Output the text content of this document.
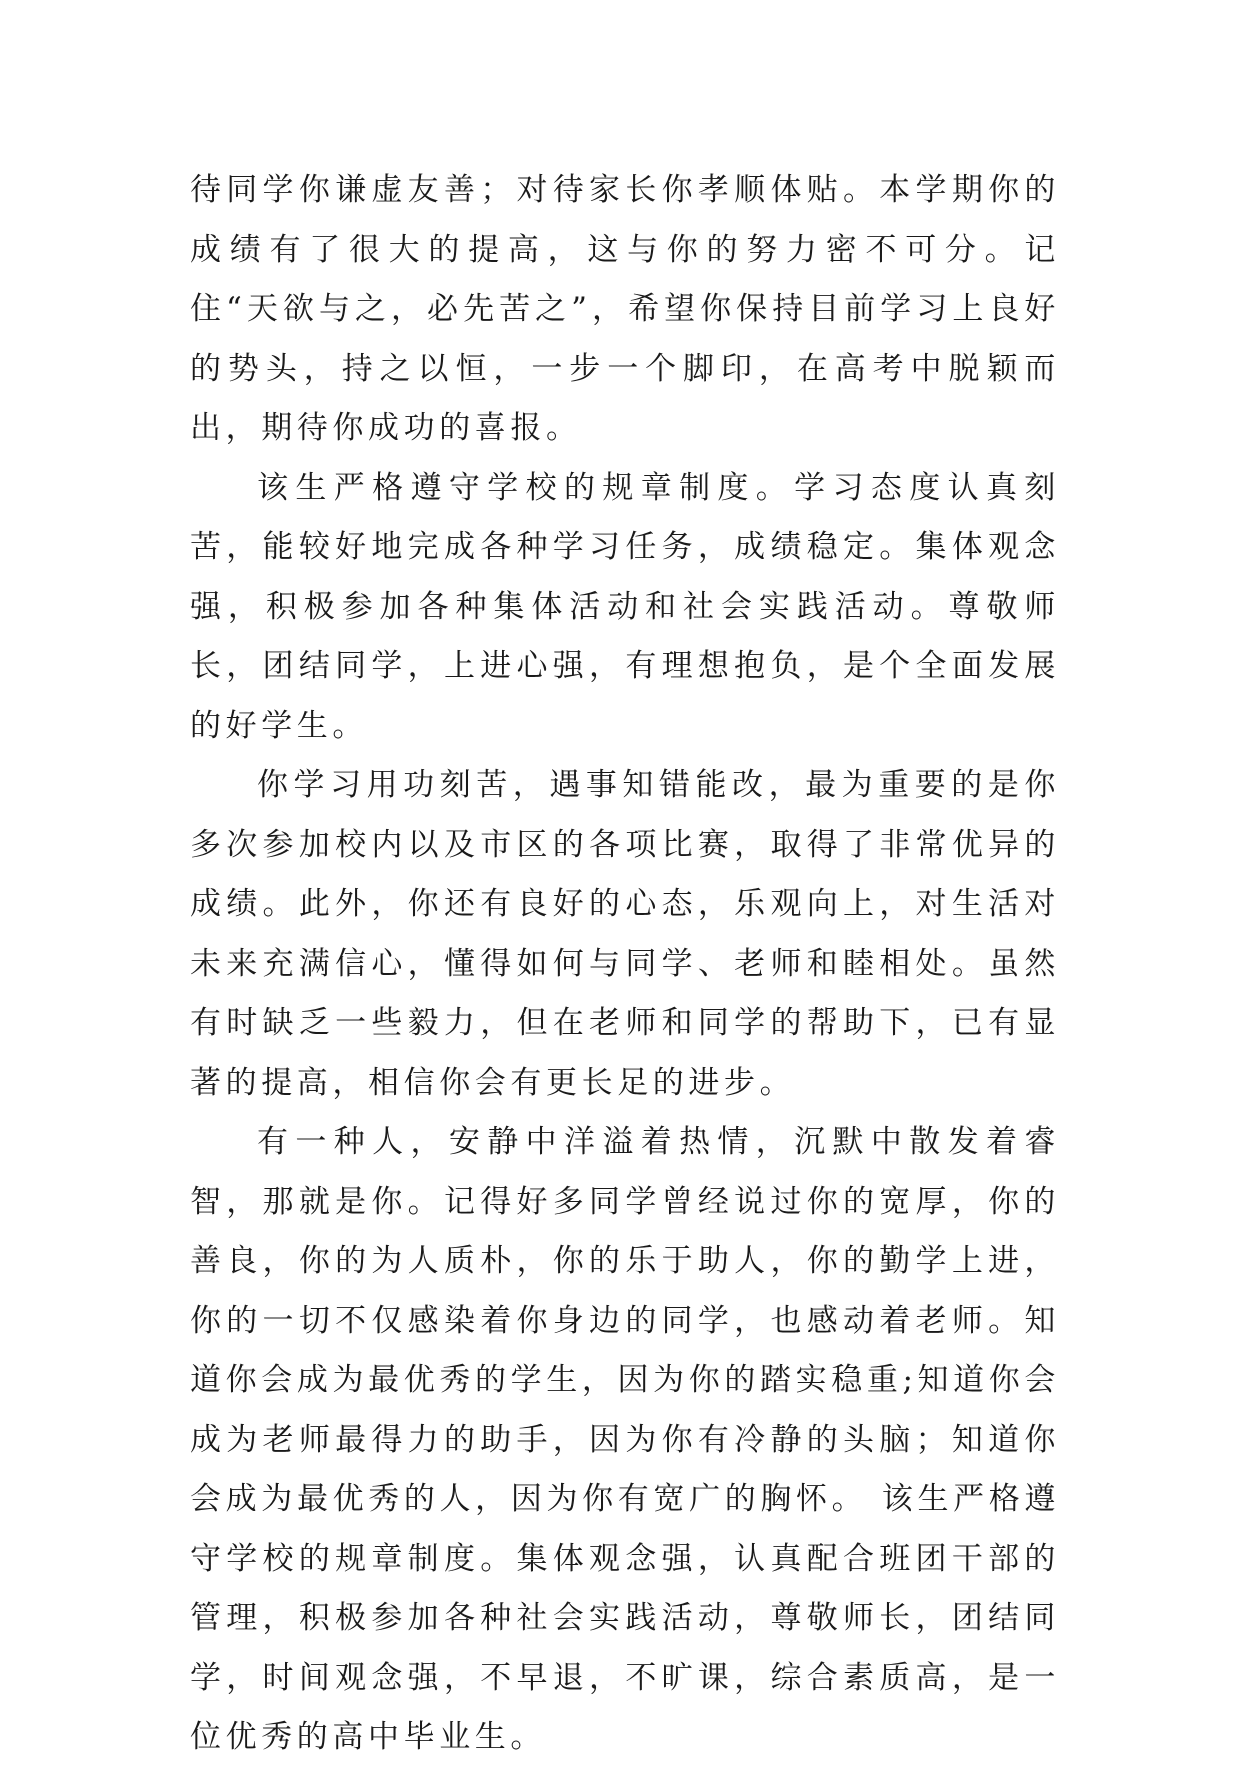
待同学你谦虚友善；对待家长你孝顺体贴。本学期你的成绩有了很大的提高，这与你的努力密不可分。记住“天欲与之，必先苦之”，希望你保持目前学习上良好的势头，持之以恒，一步一个脚印，在高考中脱颖而出，期待你成功的喜报。

该生严格遵守学校的规章制度。学习态度认真刻苦，能较好地完成各种学习任务，成绩稳定。集体观念强，积极参加各种集体活动和社会实践活动。尊敬师长，团结同学，上进心强，有理想抱负，是个全面发展的好学生。

你学习用功刻苦，遇事知错能改，最为重要的是你多次参加校内以及市区的各项比赛，取得了非常优异的成绩。此外，你还有良好的心态，乐观向上，对生活对未来充满信心，懂得如何与同学、老师和睦相处。虽然有时缺乏一些毅力，但在老师和同学的帮助下，已有显著的提高，相信你会有更长足的进步。

有一种人，安静中洋溢着热情，沉默中散发着睿智，那就是你。记得好多同学曾经说过你的宽厚，你的善良，你的为人质朴，你的乐于助人，你的勤学上进，你的一切不仅感染着你身边的同学，也感动着老师。知道你会成为最优秀的学生，因为你的踏实稳重;知道你会成为老师最得力的助手，因为你有冷静的头脑；知道你会成为最优秀的人，因为你有宽广的胸怀。 该生严格遵守学校的规章制度。集体观念强，认真配合班团干部的管理，积极参加各种社会实践活动，尊敬师长，团结同学，时间观念强，不早退，不旷课，综合素质高，是一位优秀的高中毕业生。
